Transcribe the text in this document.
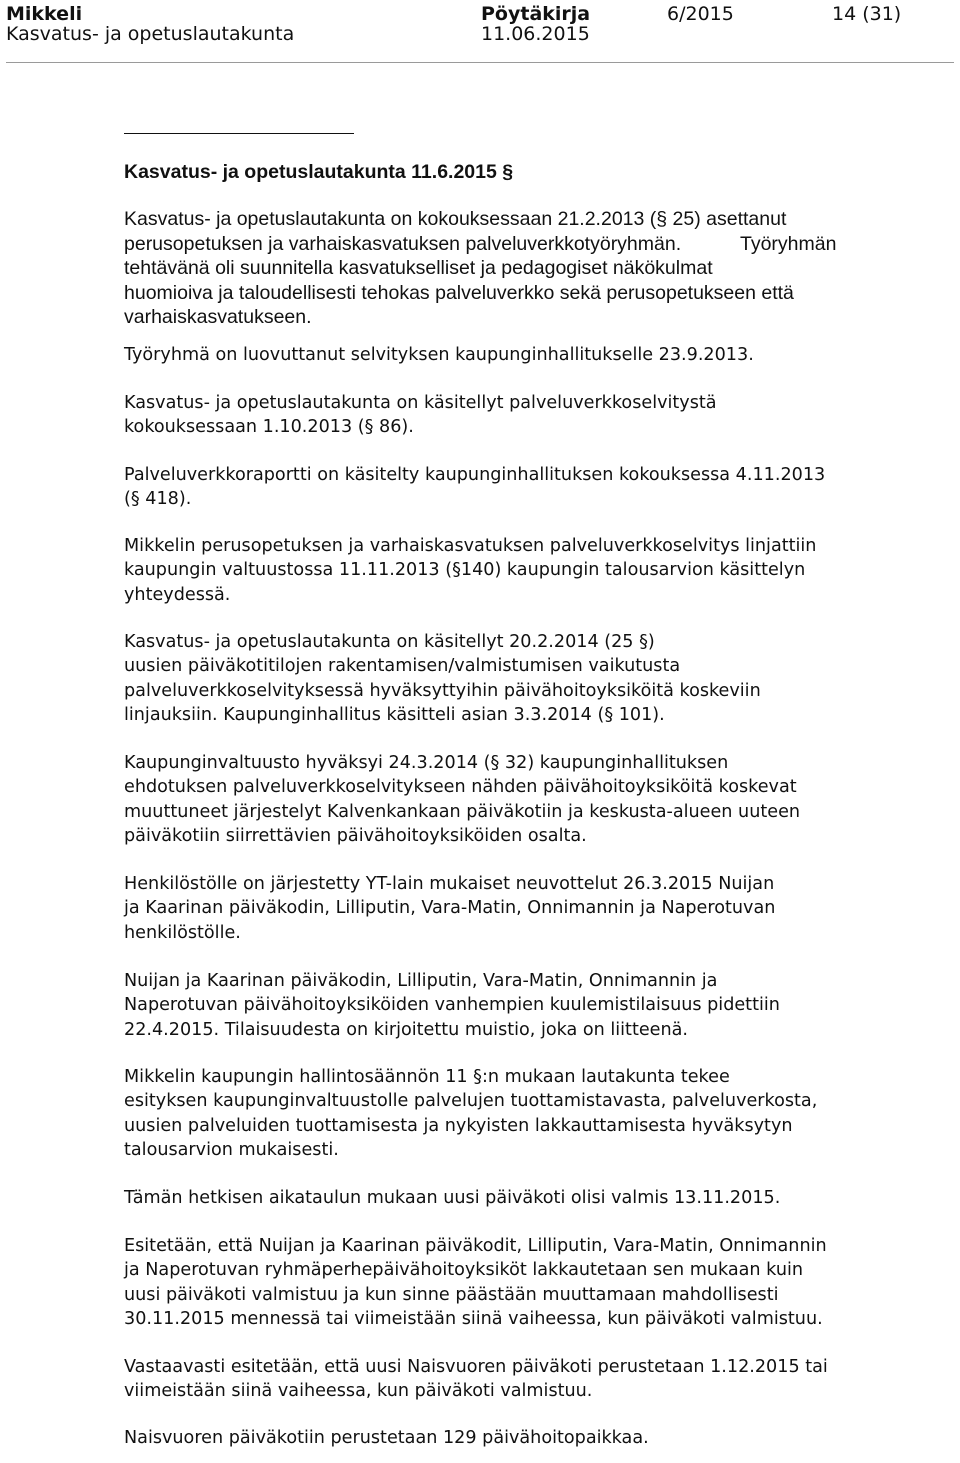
Mikkeli
Kasvatus- ja opetuslautakunta
Pöytäkirja
11.06.2015
6/2015	14 (31)
Kasvatus- ja opetuslautakunta 11.6.2015 §
Kasvatus- ja opetuslautakunta on kokouksessaan 21.2.2013 (§ 25) asettanut
perusopetuksen ja varhaiskasvatuksen palveluverkkotyöryhmän.	Työryhmän
tehtävänä oli suunnitella kasvatukselliset ja pedagogiset näkökulmat
huomioiva ja taloudellisesti tehokas palveluverkko sekä perusopetukseen että
varhaiskasvatukseen.
Työryhmä on luovuttanut selvityksen kaupunginhallitukselle 23.9.2013.
Kasvatus- ja opetuslautakunta on käsitellyt palveluverkkoselvitystä
kokouksessaan 1.10.2013 (§ 86).
Palveluverkkoraportti on käsitelty kaupunginhallituksen kokouksessa 4.11.2013
(§ 418).
Mikkelin perusopetuksen ja varhaiskasvatuksen palveluverkkoselvitys linjattiin
kaupungin valtuustossa 11.11.2013 (§140) kaupungin talousarvion käsittelyn
yhteydessä.
Kasvatus- ja opetuslautakunta on käsitellyt 20.2.2014 (25 §)
uusien päiväkotitilojen rakentamisen/valmistumisen vaikutusta
palveluverkkoselvityksessä hyväksyttyihin päivähoitoyksiköitä koskeviin
linjauksiin. Kaupunginhallitus käsitteli asian 3.3.2014 (§ 101).
Kaupunginvaltuusto hyväksyi 24.3.2014 (§ 32) kaupunginhallituksen
ehdotuksen palveluverkkoselvitykseen nähden päivähoitoyksiköitä koskevat
muuttuneet järjestelyt Kalvenkankaan päiväkotiin ja keskusta-alueen uuteen
päiväkotiin siirrettävien päivähoitoyksiköiden osalta.
Henkilöstölle on järjestetty YT-lain mukaiset neuvottelut 26.3.2015 Nuijan
ja Kaarinan päiväkodin, Lilliputin, Vara-Matin, Onnimannin ja Naperotuvan
henkilöstölle.
Nuijan ja Kaarinan päiväkodin, Lilliputin, Vara-Matin, Onnimannin ja
Naperotuvan päivähoitoyksiköiden vanhempien kuulemistilaisuus pidettiin
22.4.2015. Tilaisuudesta on kirjoitettu muistio, joka on liitteenä.
Mikkelin kaupungin hallintosäännön 11 §:n mukaan lautakunta tekee
esityksen kaupunginvaltuustolle palvelujen tuottamistavasta, palveluverkosta,
uusien palveluiden tuottamisesta ja nykyisten lakkauttamisesta hyväksytyn
talousarvion mukaisesti.
Tämän hetkisen aikataulun mukaan uusi päiväkoti olisi valmis 13.11.2015.
Esitetään, että Nuijan ja Kaarinan päiväkodit, Lilliputin, Vara-Matin, Onnimannin
ja Naperotuvan ryhmäperhepäivähoitoyksiköt lakkautetaan sen mukaan kuin
uusi päiväkoti valmistuu ja kun sinne päästään muuttamaan mahdollisesti
30.11.2015 mennessä tai viimeistään siinä vaiheessa, kun päiväkoti valmistuu.
Vastaavasti esitetään, että uusi Naisvuoren päiväkoti perustetaan 1.12.2015 tai
viimeistään siinä vaiheessa, kun päiväkoti valmistuu.
Naisvuoren päiväkotiin perustetaan 129 päivähoitopaikkaa.
